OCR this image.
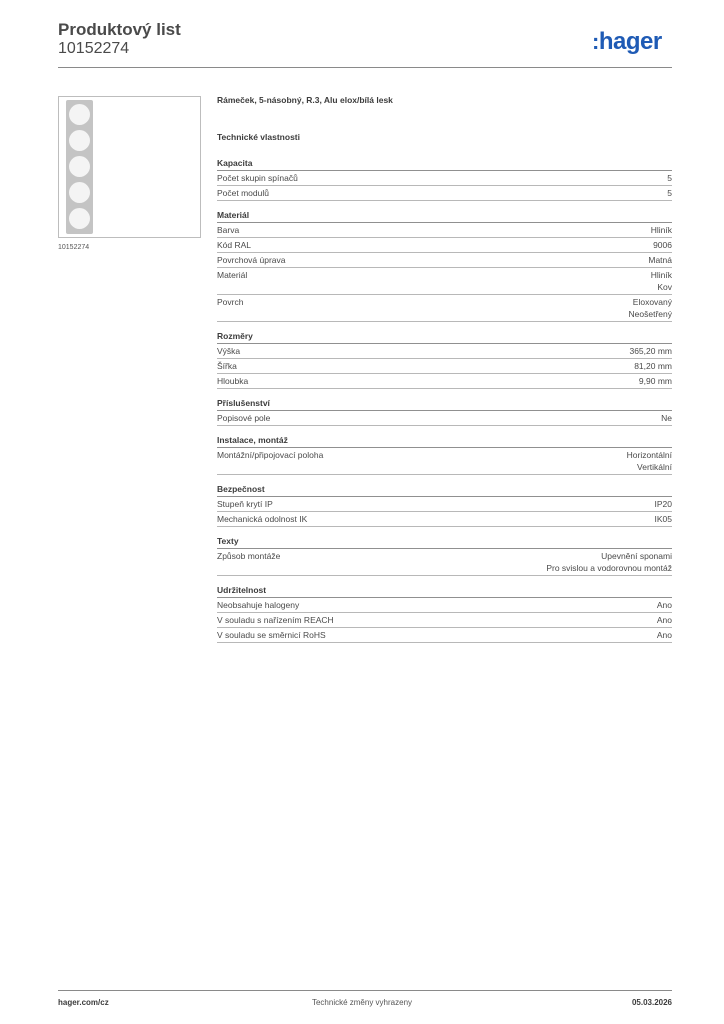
Produktový list
10152274	:hager
10152274
Rámeček, 5-násobný, R.3, Alu elox/bílá lesk
Technické vlastnosti
Kapacita
Počet skupin spínačů	5
Počet modulů	5
Materiál
Barva	Hliník
Kód RAL	9006
Povrchová úprava	Matná
Materiál	Hliník
Kov
Povrch	Eloxovaný
Neošetřený
Rozměry
Výška	365,20 mm
Šířka	81,20 mm
Hloubka	9,90 mm
Příslušenství
Popisové pole	Ne
Instalace, montáž
Montážní/připojovací poloha	Horizontální
Vertikální
Bezpečnost
Stupeň krytí IP	IP20
Mechanická odolnost IK	IK05
Texty
Způsob montáže	Upevnění sponami
Pro svislou a vodorovnou montáž
Udržitelnost
Neobsahuje halogeny	Ano
V souladu s nařízením REACH	Ano
V souladu se směrnicí RoHS	Ano
hager.com/cz	Technické změny vyhrazeny	05.03.2026
